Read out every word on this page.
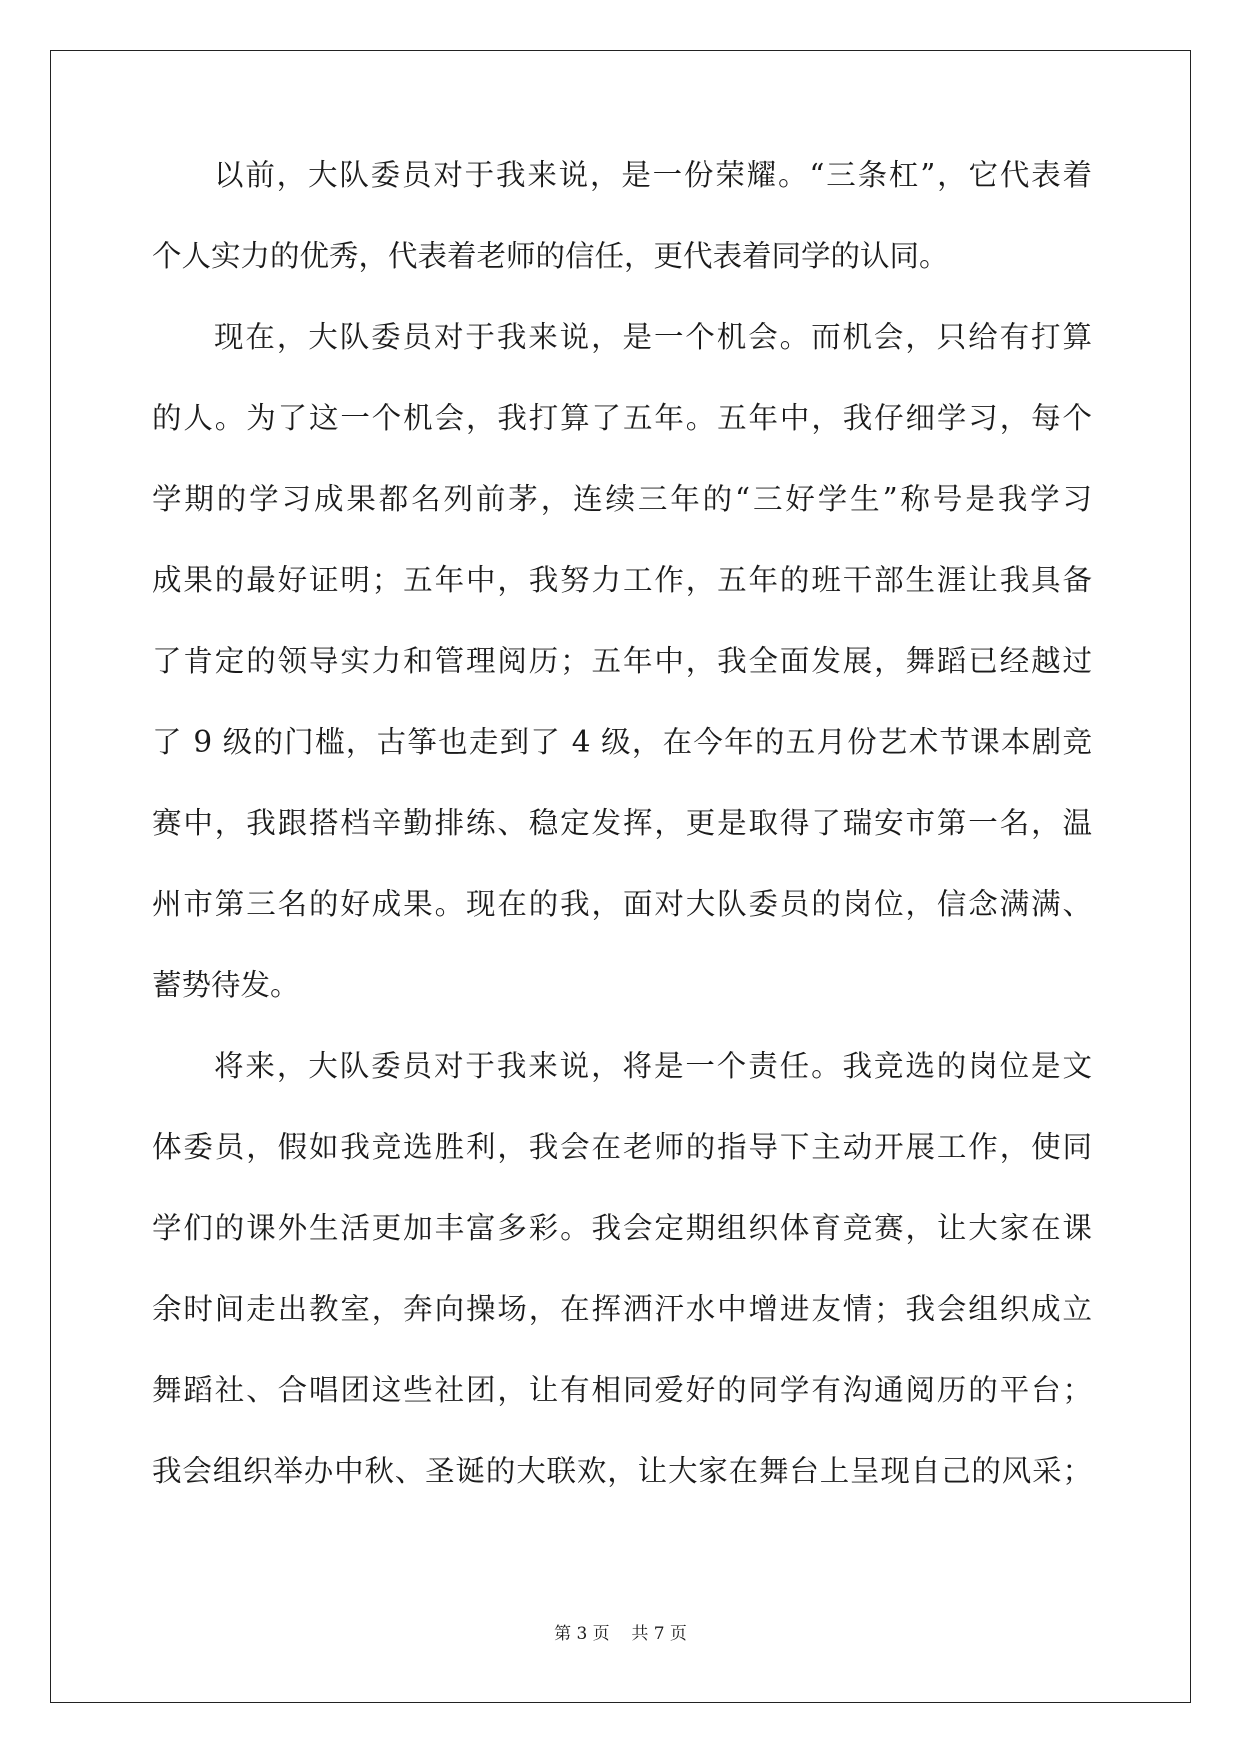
以前，大队委员对于我来说，是一份荣耀。“三条杠”，它代表着
个人实力的优秀，代表着老师的信任，更代表着同学的认同。
现在，大队委员对于我来说，是一个机会。而机会，只给有打算
的人。为了这一个机会，我打算了五年。五年中，我仔细学习，每个
学期的学习成果都名列前茅，连续三年的“三好学生”称号是我学习
成果的最好证明；五年中，我努力工作，五年的班干部生涯让我具备
了肯定的领导实力和管理阅历；五年中，我全面发展，舞蹈已经越过
了 9 级的门槛，古筝也走到了 4 级，在今年的五月份艺术节课本剧竞
赛中，我跟搭档辛勤排练、稳定发挥，更是取得了瑞安市第一名，温
州市第三名的好成果。现在的我，面对大队委员的岗位，信念满满、
蓄势待发。
将来，大队委员对于我来说，将是一个责任。我竞选的岗位是文
体委员，假如我竞选胜利，我会在老师的指导下主动开展工作，使同
学们的课外生活更加丰富多彩。我会定期组织体育竞赛，让大家在课
余时间走出教室，奔向操场，在挥洒汗水中增进友情；我会组织成立
舞蹈社、合唱团这些社团，让有相同爱好的同学有沟通阅历的平台；
我会组织举办中秋、圣诞的大联欢，让大家在舞台上呈现自己的风采；
第 3 页 共 7 页
